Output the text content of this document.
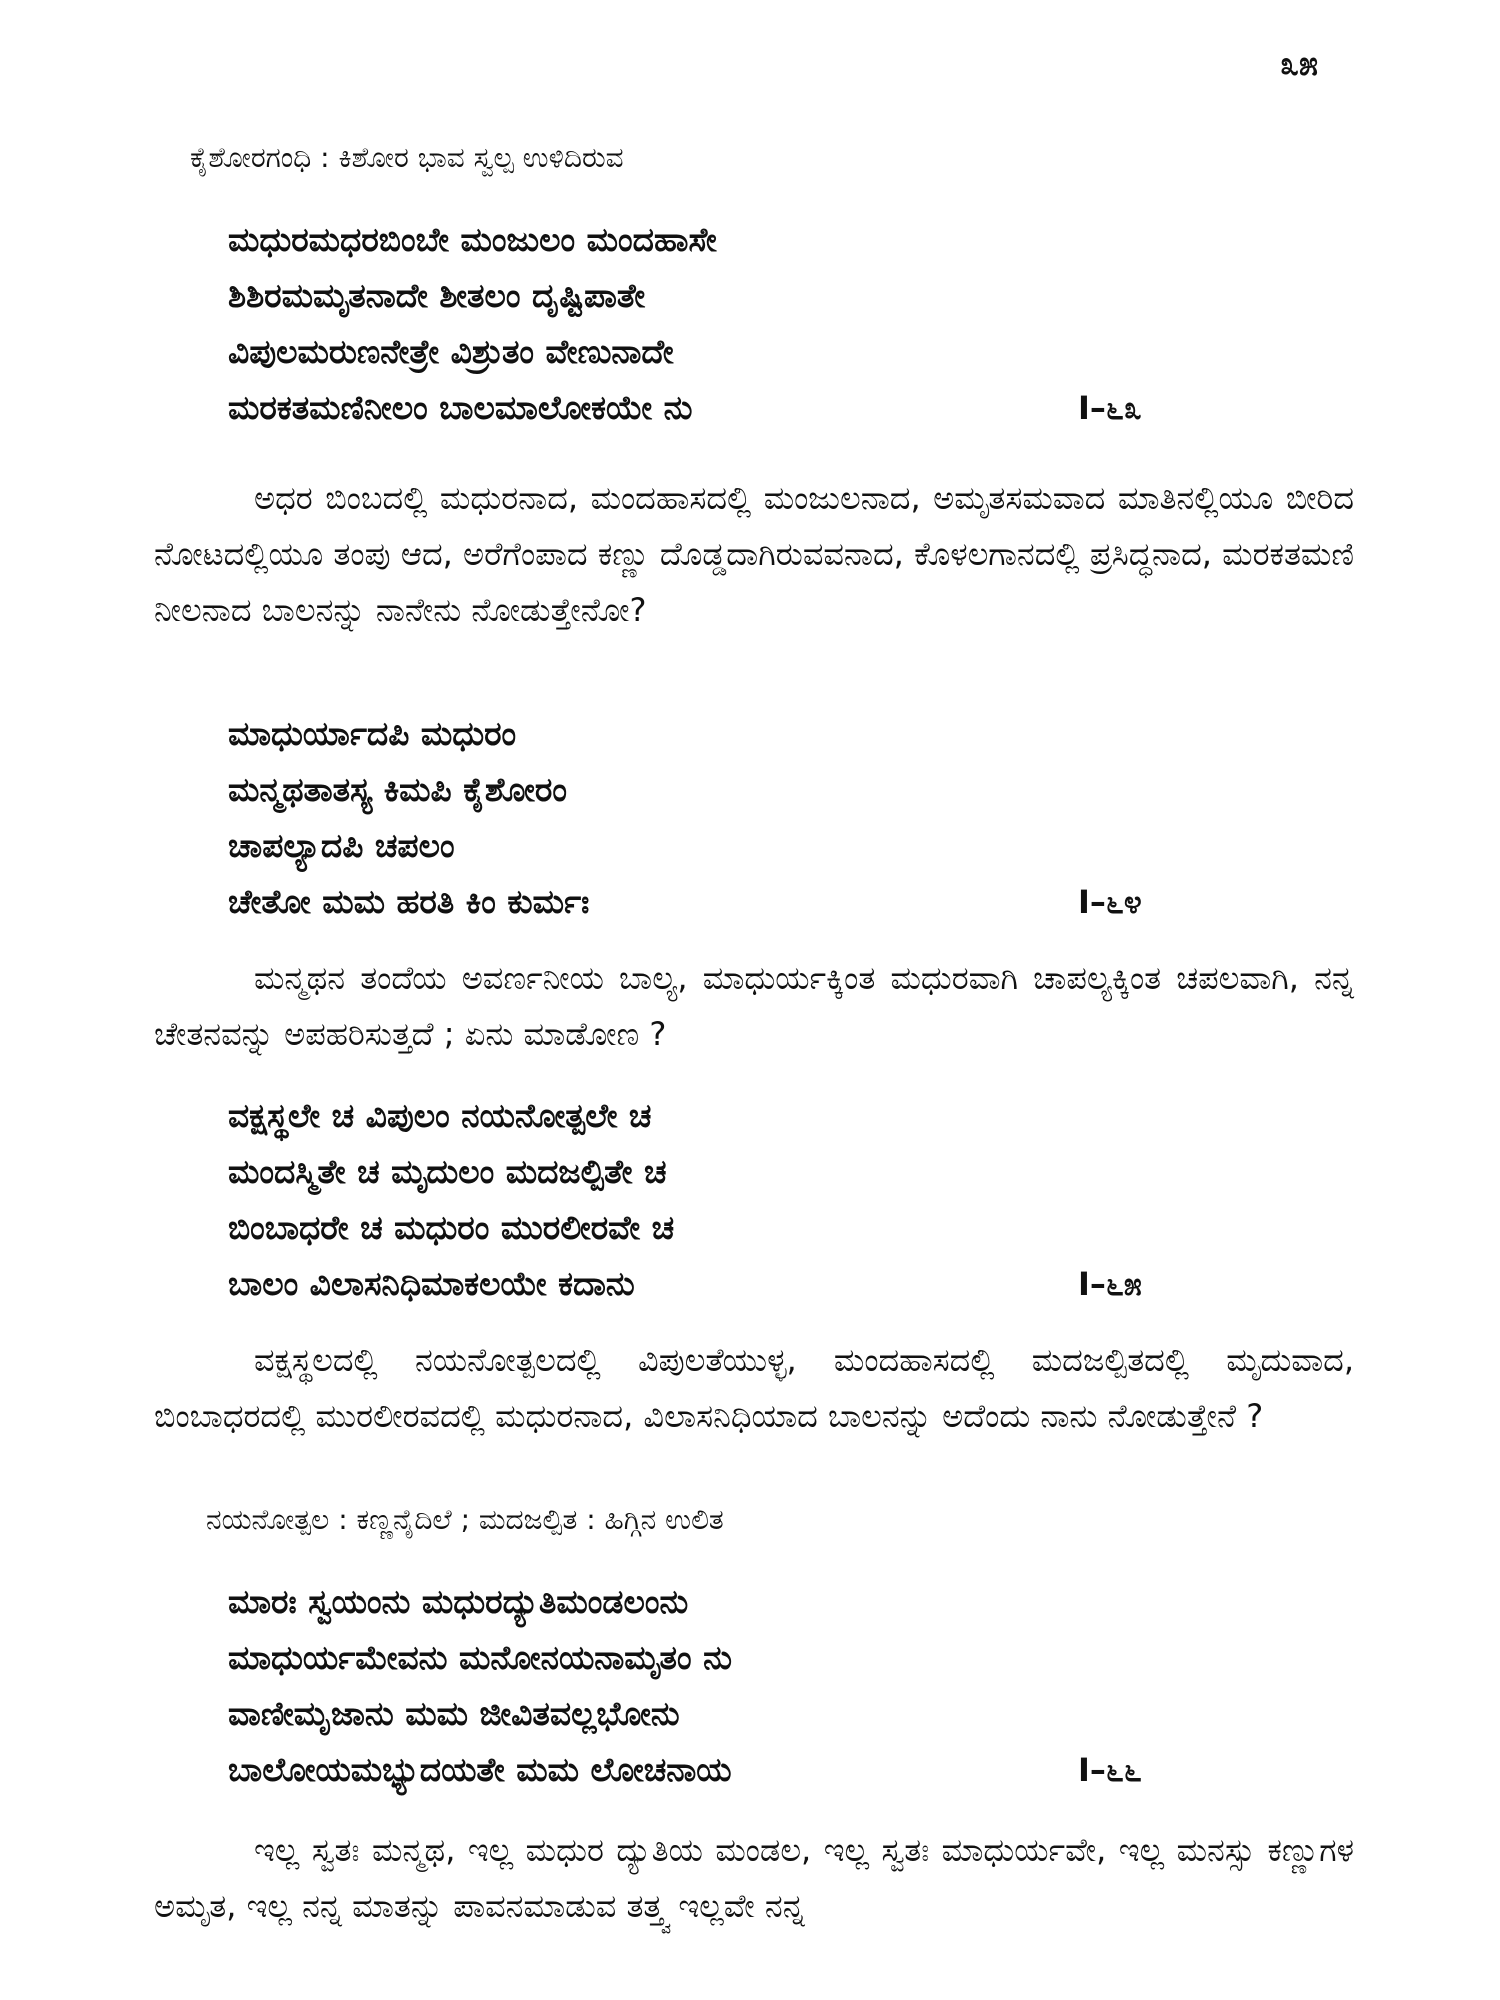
೩೫
ಕೈಶೋರಗಂಧಿ : ಕಿಶೋರ ಭಾವ ಸ್ವಲ್ಪ ಉಳಿದಿರುವ
ಮಧುರಮಧರಬಿಂಬೇ ಮಂಜುಲಂ ಮಂದಹಾಸೇ
ಶಿಶಿರಮಮೃತನಾದೇ ಶೀತಲಂ ದೃಷ್ಟಿಪಾತೇ
ವಿಪುಲಮರುಣನೇತ್ರೇ ವಿಶ್ರುತಂ ವೇಣುನಾದೇ
ಮರಕತಮಣಿನೀಲಂ ಬಾಲಮಾಲೋಕಯೇ ನು	I–೬೩

ಅಧರ ಬಿಂಬದಲ್ಲಿ ಮಧುರನಾದ, ಮಂದಹಾಸದಲ್ಲಿ ಮಂಜುಲನಾದ, ಅಮೃತಸಮವಾದ ಮಾತಿನಲ್ಲಿಯೂ ಬೀರಿದ ನೋಟದಲ್ಲಿಯೂ ತಂಪು ಆದ, ಅರೆಗೆಂಪಾದ ಕಣ್ಣು ದೊಡ್ಡದಾಗಿರುವವನಾದ, ಕೊಳಲಗಾನದಲ್ಲಿ ಪ್ರಸಿದ್ಧನಾದ, ಮರಕತಮಣಿ ನೀಲನಾದ ಬಾಲನನ್ನು ನಾನೇನು ನೋಡುತ್ತೇನೋ?

ಮಾಧುರ್ಯಾದಪಿ ಮಧುರಂ
ಮನ್ಮಥತಾತಸ್ಯ ಕಿಮಪಿ ಕೈಶೋರಂ
ಚಾಪಲ್ಯಾದಪಿ ಚಪಲಂ
ಚೇತೋ ಮಮ ಹರತಿ ಕಿಂ ಕುರ್ಮಃ	I–೬೪

ಮನ್ಮಥನ ತಂದೆಯ ಅವರ್ಣನೀಯ ಬಾಲ್ಯ, ಮಾಧುರ್ಯಕ್ಕಿಂತ ಮಧುರವಾಗಿ ಚಾಪಲ್ಯಕ್ಕಿಂತ ಚಪಲವಾಗಿ, ನನ್ನ ಚೇತನವನ್ನು ಅಪಹರಿಸುತ್ತದೆ ; ಏನು ಮಾಡೋಣ ?

ವಕ್ಷಸ್ಥಲೇ ಚ ವಿಪುಲಂ ನಯನೋತ್ಪಲೇ ಚ
ಮಂದಸ್ಮಿತೇ ಚ ಮೃದುಲಂ ಮದಜಲ್ಪಿತೇ ಚ
ಬಿಂಬಾಧರೇ ಚ ಮಧುರಂ ಮುರಲೀರವೇ ಚ
ಬಾಲಂ ವಿಲಾಸನಿಧಿಮಾಕಲಯೇ ಕದಾನು	I–೬೫

ವಕ್ಷಸ್ಥಲದಲ್ಲಿ ನಯನೋತ್ಪಲದಲ್ಲಿ ವಿಪುಲತೆಯುಳ್ಳ, ಮಂದಹಾಸದಲ್ಲಿ ಮದಜಲ್ಪಿತದಲ್ಲಿ ಮೃದುವಾದ, ಬಿಂಬಾಧರದಲ್ಲಿ ಮುರಲೀರವದಲ್ಲಿ ಮಧುರನಾದ, ವಿಲಾಸನಿಧಿಯಾದ ಬಾಲನನ್ನು ಅದೆಂದು ನಾನು ನೋಡುತ್ತೇನೆ ?

ನಯನೋತ್ಪಲ : ಕಣ್ಣನೈದಿಲೆ ; ಮದಜಲ್ಪಿತ : ಹಿಗ್ಗಿನ ಉಲಿತ
ಮಾರಃ ಸ್ವಯಂನು ಮಧುರದ್ಯುತಿಮಂಡಲಂನು
ಮಾಧುರ್ಯಮೇವನು ಮನೋನಯನಾಮೃತಂ ನು
ವಾಣೀಮೃಜಾನು ಮಮ ಜೀವಿತವಲ್ಲಭೋನು
ಬಾಲೋಯಮಭ್ಯುದಯತೇ ಮಮ ಲೋಚನಾಯ	I–೬೬

ಇಲ್ಲ ಸ್ವತಃ ಮನ್ಮಥ, ಇಲ್ಲ ಮಧುರ ದ್ಯುತಿಯ ಮಂಡಲ, ಇಲ್ಲ ಸ್ವತಃ ಮಾಧುರ್ಯವೇ, ಇಲ್ಲ ಮನಸ್ಸು ಕಣ್ಣುಗಳ ಅಮೃತ, ಇಲ್ಲ ನನ್ನ ಮಾತನ್ನು ಪಾವನಮಾಡುವ ತತ್ತ್ವ ಇಲ್ಲವೇ ನನ್ನ
